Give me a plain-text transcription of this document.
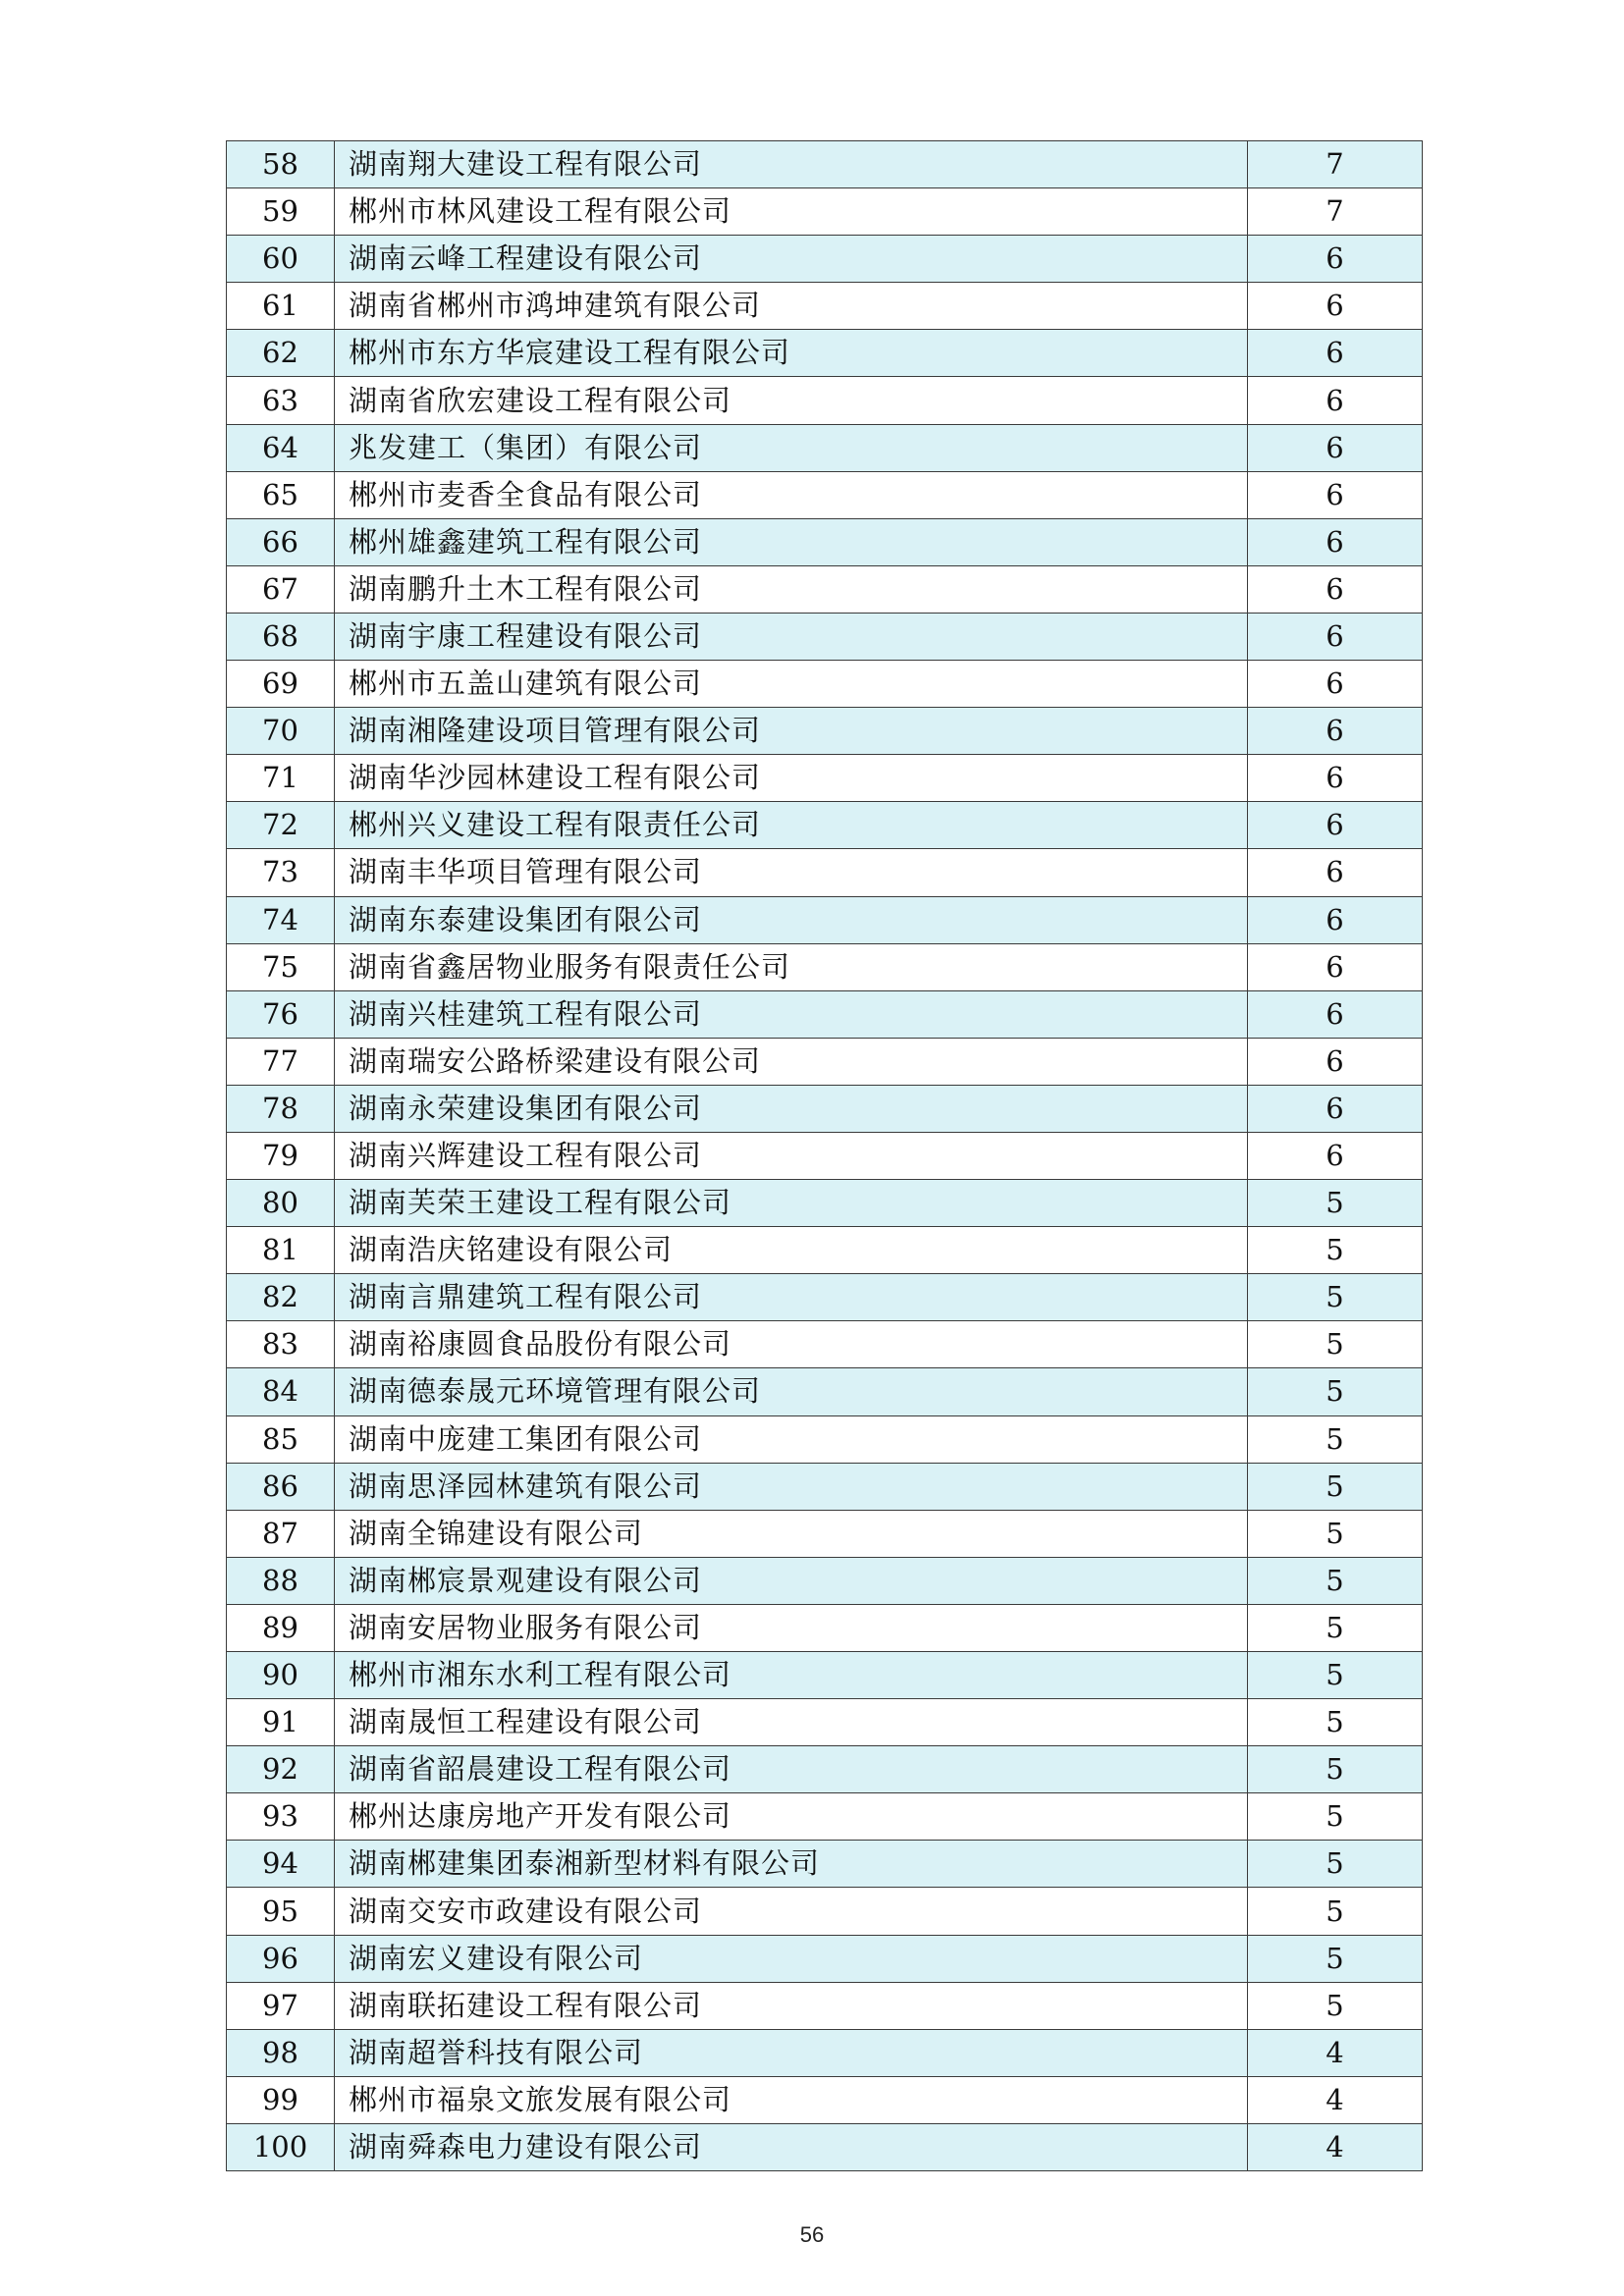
58	湖南翔大建设工程有限公司	7
59	郴州市林风建设工程有限公司	7
60	湖南云峰工程建设有限公司	6
61	湖南省郴州市鸿坤建筑有限公司	6
62	郴州市东方华宸建设工程有限公司	6
63	湖南省欣宏建设工程有限公司	6
64	兆发建工（集团）有限公司	6
65	郴州市麦香全食品有限公司	6
66	郴州雄鑫建筑工程有限公司	6
67	湖南鹏升土木工程有限公司	6
68	湖南宇康工程建设有限公司	6
69	郴州市五盖山建筑有限公司	6
70	湖南湘隆建设项目管理有限公司	6
71	湖南华沙园林建设工程有限公司	6
72	郴州兴义建设工程有限责任公司	6
73	湖南丰华项目管理有限公司	6
74	湖南东泰建设集团有限公司	6
75	湖南省鑫居物业服务有限责任公司	6
76	湖南兴桂建筑工程有限公司	6
77	湖南瑞安公路桥梁建设有限公司	6
78	湖南永荣建设集团有限公司	6
79	湖南兴辉建设工程有限公司	6
80	湖南芙荣王建设工程有限公司	5
81	湖南浩庆铭建设有限公司	5
82	湖南言鼎建筑工程有限公司	5
83	湖南裕康圆食品股份有限公司	5
84	湖南德泰晟元环境管理有限公司	5
85	湖南中庞建工集团有限公司	5
86	湖南思泽园林建筑有限公司	5
87	湖南全锦建设有限公司	5
88	湖南郴宸景观建设有限公司	5
89	湖南安居物业服务有限公司	5
90	郴州市湘东水利工程有限公司	5
91	湖南晟恒工程建设有限公司	5
92	湖南省韶晨建设工程有限公司	5
93	郴州达康房地产开发有限公司	5
94	湖南郴建集团泰湘新型材料有限公司	5
95	湖南交安市政建设有限公司	5
96	湖南宏义建设有限公司	5
97	湖南联拓建设工程有限公司	5
98	湖南超誉科技有限公司	4
99	郴州市福泉文旅发展有限公司	4
100	湖南舜森电力建设有限公司	4
56
